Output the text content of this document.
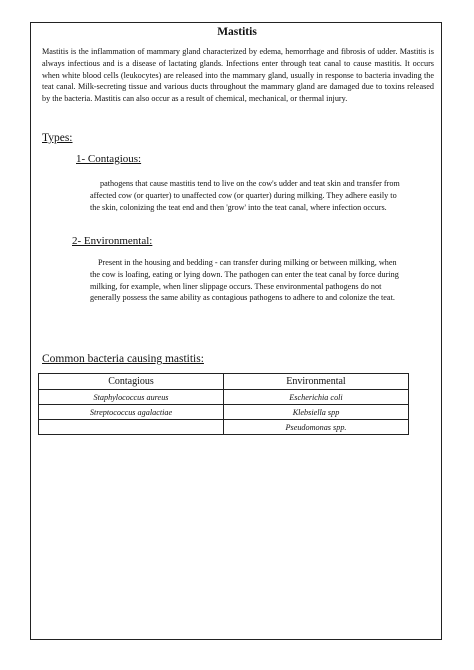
Mastitis

Mastitis is the inflammation of mammary gland characterized by edema, hemorrhage and fibrosis of udder. Mastitis is always infectious and is a disease of lactating glands. Infections enter through teat canal to cause mastitis. It occurs when white blood cells (leukocytes) are released into the mammary gland, usually in response to bacteria invading the teat canal. Milk-secreting tissue and various ducts throughout the mammary gland are damaged due to toxins released by the bacteria. Mastitis can also occur as a result of chemical, mechanical, or thermal injury.

Types:
1- Contagious:

pathogens that cause mastitis tend to live on the cow's udder and teat skin and transfer from affected cow (or quarter) to unaffected cow (or quarter) during milking. They adhere easily to the skin, colonizing the teat end and then 'grow' into the teat canal, where infection occurs.

2- Environmental:

Present in the housing and bedding - can transfer during milking or between milking, when the cow is loafing, eating or lying down. The pathogen can enter the teat canal by force during milking, for example, when liner slippage occurs. These environmental pathogens do not generally possess the same ability as contagious pathogens to adhere to and colonize the teat.

Common bacteria causing mastitis:
Contagious	Environmental
Staphylococcus aureus	Escherichia coli
Streptococcus agalactiae	Klebsiella spp
	Pseudomonas spp.
